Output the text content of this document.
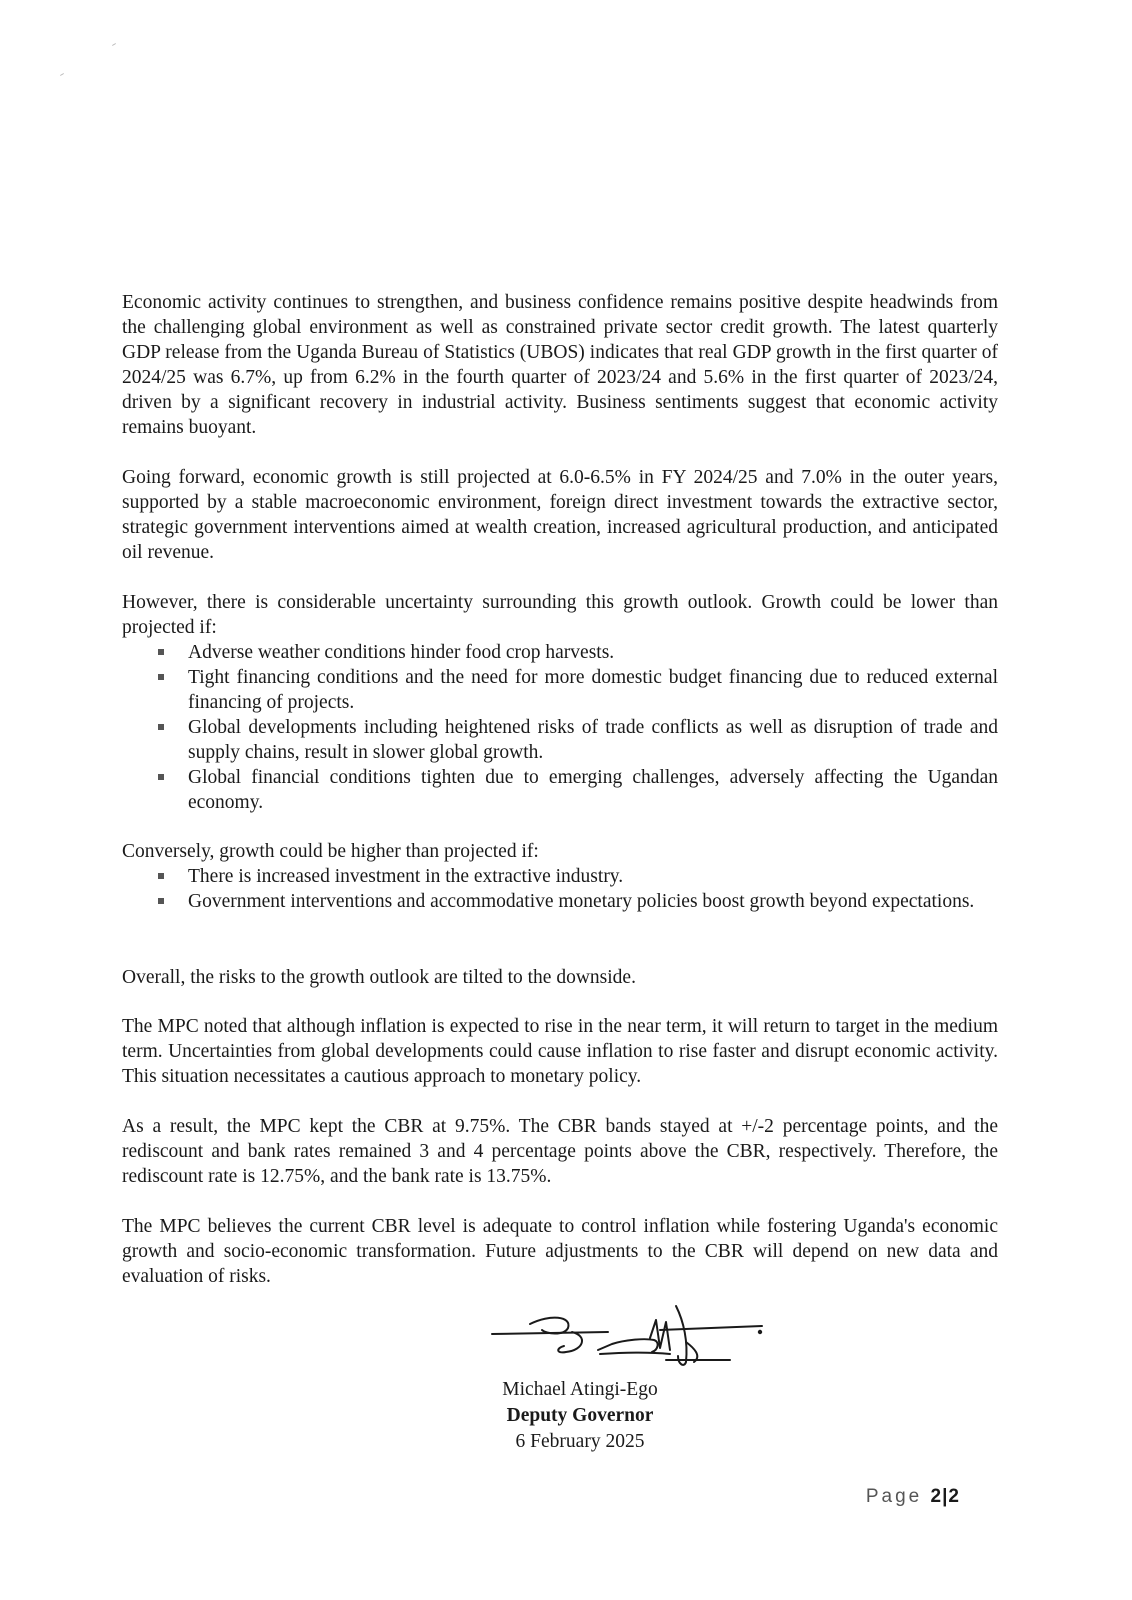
Economic activity continues to strengthen, and business confidence remains positive despite headwinds from the challenging global environment as well as constrained private sector credit growth. The latest quarterly GDP release from the Uganda Bureau of Statistics (UBOS) indicates that real GDP growth in the first quarter of 2024/25 was 6.7%, up from 6.2% in the fourth quarter of 2023/24 and 5.6% in the first quarter of 2023/24, driven by a significant recovery in industrial activity. Business sentiments suggest that economic activity remains buoyant.

Going forward, economic growth is still projected at 6.0-6.5% in FY 2024/25 and 7.0% in the outer years, supported by a stable macroeconomic environment, foreign direct investment towards the extractive sector, strategic government interventions aimed at wealth creation, increased agricultural production, and anticipated oil revenue.

However, there is considerable uncertainty surrounding this growth outlook. Growth could be lower than projected if:
Adverse weather conditions hinder food crop harvests.
Tight financing conditions and the need for more domestic budget financing due to reduced external financing of projects.
Global developments including heightened risks of trade conflicts as well as disruption of trade and supply chains, result in slower global growth.
Global financial conditions tighten due to emerging challenges, adversely affecting the Ugandan economy.
Conversely, growth could be higher than projected if:
There is increased investment in the extractive industry.
Government interventions and accommodative monetary policies boost growth beyond expectations.

Overall, the risks to the growth outlook are tilted to the downside.

The MPC noted that although inflation is expected to rise in the near term, it will return to target in the medium term. Uncertainties from global developments could cause inflation to rise faster and disrupt economic activity. This situation necessitates a cautious approach to monetary policy.

As a result, the MPC kept the CBR at 9.75%. The CBR bands stayed at +/-2 percentage points, and the rediscount and bank rates remained 3 and 4 percentage points above the CBR, respectively. Therefore, the rediscount rate is 12.75%, and the bank rate is 13.75%.

The MPC believes the current CBR level is adequate to control inflation while fostering Uganda's economic growth and socio-economic transformation. Future adjustments to the CBR will depend on new data and evaluation of risks.

Michael Atingi-Ego
Deputy Governor
6 February 2025
Page 2|2
